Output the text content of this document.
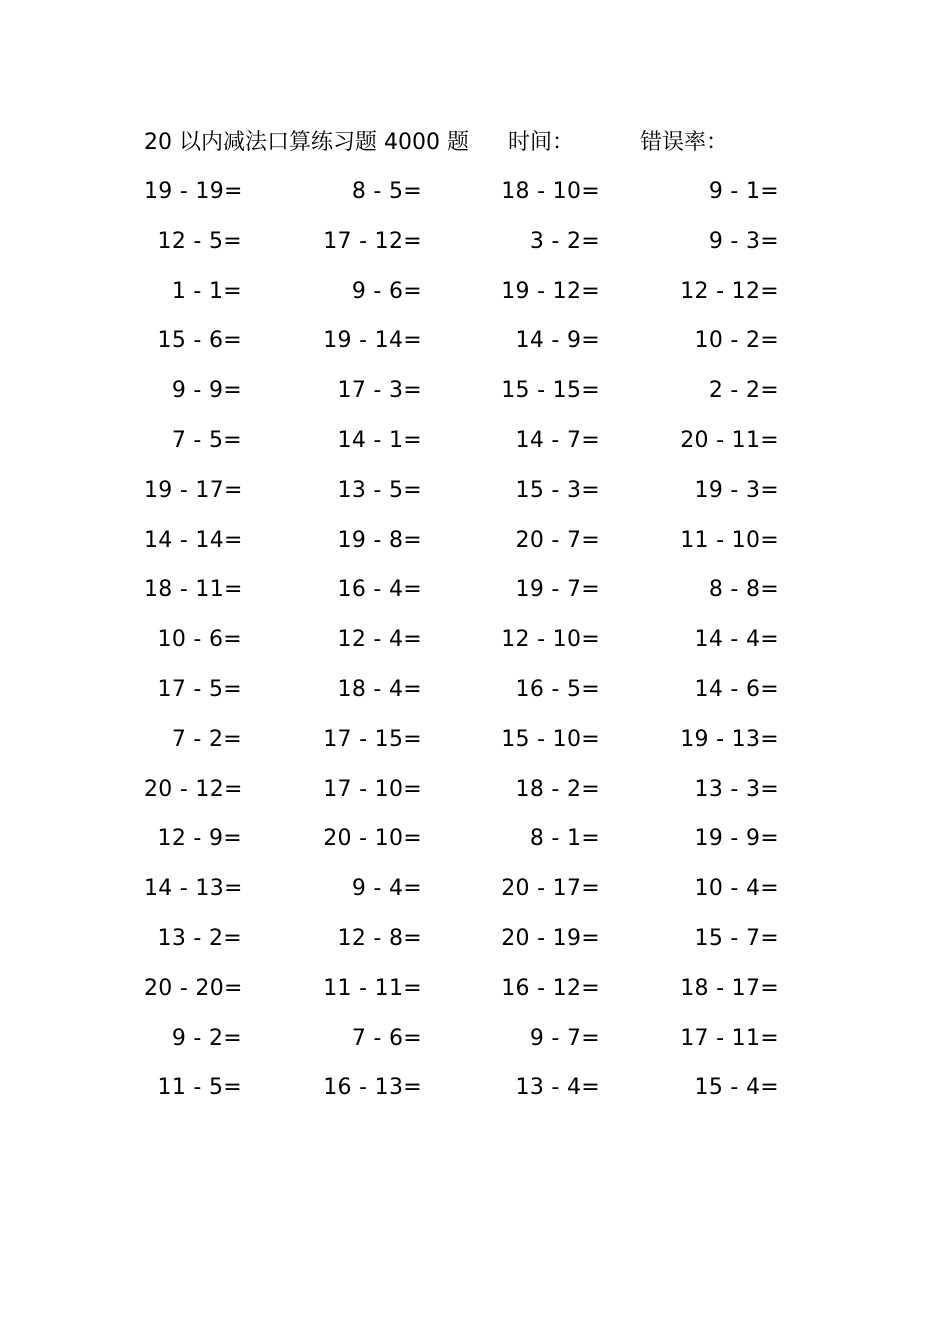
20 以内减法口算练习题 4000 题 时间：	错误率：
19 - 19=	8 - 5=	18 - 10=	9 - 1=
12 - 5=	17 - 12=	3 - 2=	9 - 3=
1 - 1=	9 - 6=	19 - 12=	12 - 12=
15 - 6=	19 - 14=	14 - 9=	10 - 2=
9 - 9=	17 - 3=	15 - 15=	2 - 2=
7 - 5=	14 - 1=	14 - 7=	20 - 11=
19 - 17=	13 - 5=	15 - 3=	19 - 3=
14 - 14=	19 - 8=	20 - 7=	11 - 10=
18 - 11=	16 - 4=	19 - 7=	8 - 8=
10 - 6=	12 - 4=	12 - 10=	14 - 4=
17 - 5=	18 - 4=	16 - 5=	14 - 6=
7 - 2=	17 - 15=	15 - 10=	19 - 13=
20 - 12=	17 - 10=	18 - 2=	13 - 3=
12 - 9=	20 - 10=	8 - 1=	19 - 9=
14 - 13=	9 - 4=	20 - 17=	10 - 4=
13 - 2=	12 - 8=	20 - 19=	15 - 7=
20 - 20=	11 - 11=	16 - 12=	18 - 17=
9 - 2=	7 - 6=	9 - 7=	17 - 11=
11 - 5=	16 - 13=	13 - 4=	15 - 4=
